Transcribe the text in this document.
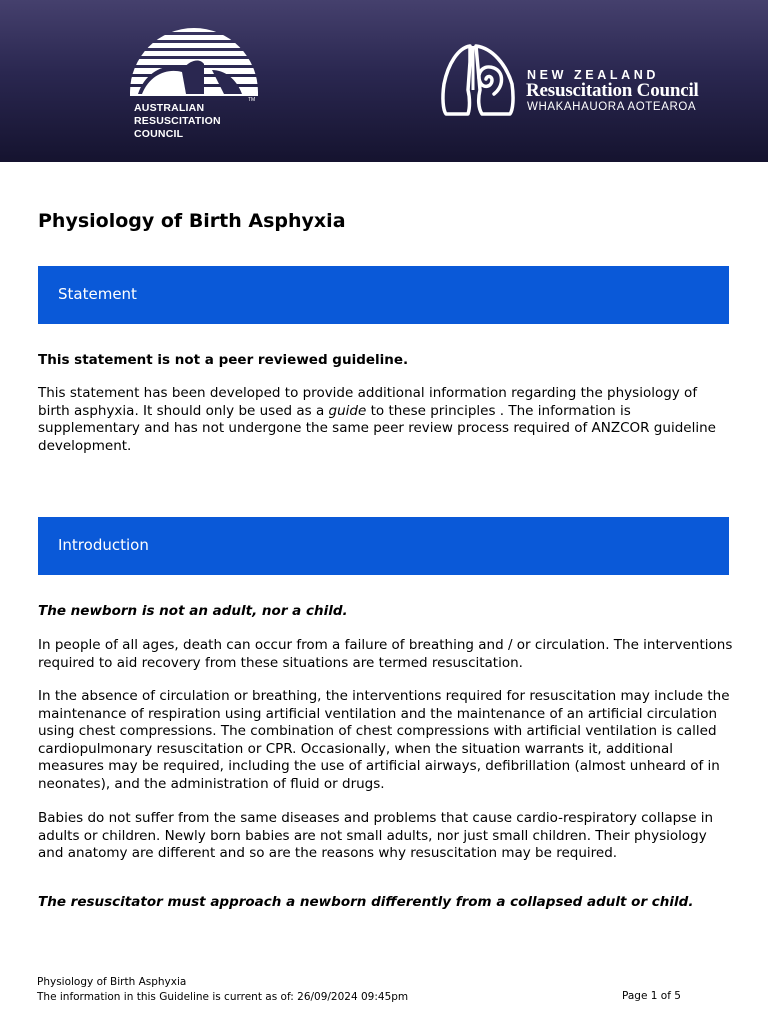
TM
AUSTRALIAN
RESUSCITATION
COUNCIL
NEW ZEALAND
Resuscitation Council
WHAKAHAUORA AOTEAROA
Physiology of Birth Asphyxia
Statement

This statement is not a peer reviewed guideline.

This statement has been developed to provide additional information regarding the physiology of birth asphyxia. It should only be used as a guide to these principles . The information is supplementary and has not undergone the same peer review process required of ANZCOR guideline development.

Introduction

The newborn is not an adult, nor a child.

In people of all ages, death can occur from a failure of breathing and / or circulation. The interventions required to aid recovery from these situations are termed resuscitation.

In the absence of circulation or breathing, the interventions required for resuscitation may include the maintenance of respiration using artificial ventilation and the maintenance of an artificial circulation using chest compressions. The combination of chest compressions with artificial ventilation is called cardiopulmonary resuscitation or CPR. Occasionally, when the situation warrants it, additional measures may be required, including the use of artificial airways, defibrillation (almost unheard of in neonates), and the administration of fluid or drugs.

Babies do not suffer from the same diseases and problems that cause cardio-respiratory collapse in adults or children. Newly born babies are not small adults, nor just small children. Their physiology and anatomy are different and so are the reasons why resuscitation may be required.

The resuscitator must approach a newborn differently from a collapsed adult or child.

Physiology of Birth Asphyxia
The information in this Guideline is current as of: 26/09/2024 09:45pm	Page 1 of 5
